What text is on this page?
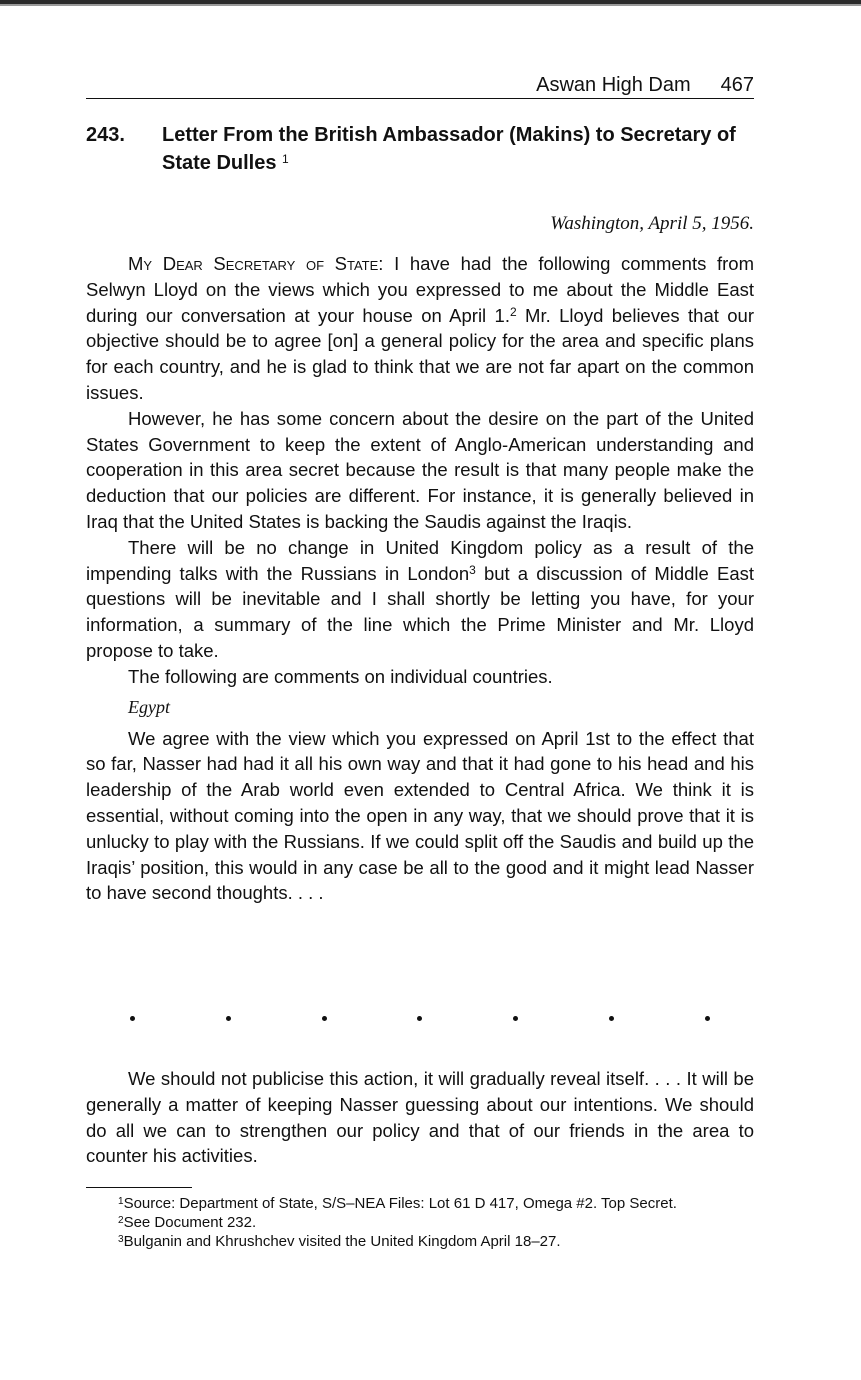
Aswan High Dam 467
243. Letter From the British Ambassador (Makins) to Secretary of State Dulles $^1$
Washington, April 5, 1956.

My Dear Secretary of State: I have had the following comments from Selwyn Lloyd on the views which you expressed to me about the Middle East during our conversation at your house on April 1.$^2$ Mr. Lloyd believes that our objective should be to agree [on] a general policy for the area and specific plans for each country, and he is glad to think that we are not far apart on the common issues.

However, he has some concern about the desire on the part of the United States Government to keep the extent of Anglo-American understanding and cooperation in this area secret because the result is that many people make the deduction that our policies are different. For instance, it is generally believed in Iraq that the United States is backing the Saudis against the Iraqis.

There will be no change in United Kingdom policy as a result of the impending talks with the Russians in London$^3$ but a discussion of Middle East questions will be inevitable and I shall shortly be letting you have, for your information, a summary of the line which the Prime Minister and Mr. Lloyd propose to take.

The following are comments on individual countries.

Egypt

We agree with the view which you expressed on April 1st to the effect that so far, Nasser had had it all his own way and that it had gone to his head and his leadership of the Arab world even extended to Central Africa. We think it is essential, without coming into the open in any way, that we should prove that it is unlucky to play with the Russians. If we could split off the Saudis and build up the Iraqis’ position, this would in any case be all to the good and it might lead Nasser to have second thoughts. . . .

We should not publicise this action, it will gradually reveal itself. . . . It will be generally a matter of keeping Nasser guessing about our intentions. We should do all we can to strengthen our policy and that of our friends in the area to counter his activities.

$^1$Source: Department of State, S/S–NEA Files: Lot 61 D 417, Omega #2. Top Secret.

$^2$See Document 232.

$^3$Bulganin and Khrushchev visited the United Kingdom April 18–27.
